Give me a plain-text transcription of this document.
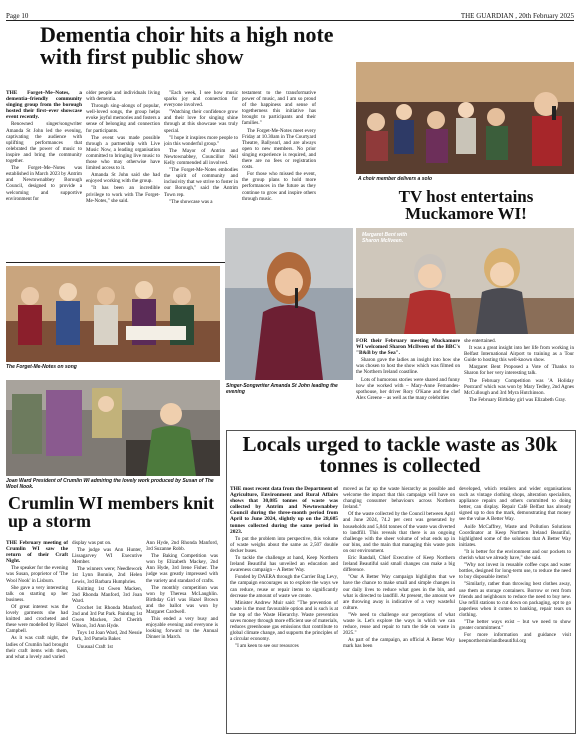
Page 10	THE GUARDIAN , 20th February 2025
Dementia choir hits a high note with first public show

THE Forget–Me–Notes, a dementia–friendly community singing group from the borough hosted their first–ever showcase event recently.

Renowned singer/songwriter Amanda St John led the evening, captivating the audience with uplifting performances that celebrated the power of music to inspire and bring the community together.

The Forget–Me–Notes was established in March 2023 by Antrim and Newtownabbey Borough Council, designed to provide a welcoming and supportive environment for

older people and individuals living with dementia.

Through sing–alongs of popular, well-loved songs, the group helps evoke joyful memories and fosters a sense of belonging and connection for participants.

The event was made possible through a partnership with Live Music Now, a leading organisation committed to bringing live music to those who may otherwise have limited access to it.

Amanda St John said she had enjoyed working with the group.

"It has been an incredible privilege to work with The Forget-Me-Notes," she said.

"Each week, I see how music sparks joy and connection for everyone involved.

"Watching their confidence grow and their love for singing shine through at this showcase was truly special.

"I hope it inspires more people to join this wonderful group."

The Mayor of Antrim and Newtownabbey, Councillor Neil Kelly commended all involved.

"The Forget-Me-Notes embodies the spirit of community and inclusivity that we strive to foster in our Borough," said the Antrim Town rep.

"The showcase was a

testament to the transformative power of music, and I am so proud of the happiness and sense of togetherness this initiative has brought to participants and their families."

The Forget-Me-Notes meet every Friday at 10.30am in The Courtyard Theatre, Ballyearl, and are always open to new members. No prior singing experience is required, and there are no fees or registration costs.

For those who missed the event, the group plans to hold more performances in the future as they continue to grow and inspire others through music.

A choir member delivers a solo
The Forget-Me-Notes on song
Singer-Songwriter Amanda St John leading the evening
TV host entertains Muckamore WI!
Margaret Bent with Sharon McIlveen.

FOR their February meeting Muckamore WI welcomed Sharon McIlveen of the BBC's "B&B by the Sea".

Sharon gave the ladies an insight into how she was chosen to host the show which was filmed on the Northern Ireland coastline.

Lots of humorous stories were shared and funny how she worked with – Mary-Anne Fernandes-spothouse, her driver Rory O'Kane and the chef Alex Greene – as well as the many celebrities

she entertained.

It was a great insight into her life from working in Belfast International Airport to training as a Tour Guide to hosting this well-known show.

Margaret Bent Proposed a Vote of Thanks to Sharon for her very interesting talk.

The February Competition was 'A Holiday Postcard' which was won by Mary Tedley, 2nd Agnes McCullough and 3rd Myra Hutchinson.

The February Birthday girl was Elizabeth Gray.

Joan Ward President of Crumlin WI admiring the lovely work produced by Susan of The Wool Nook.
Crumlin WI members knit up a storm

THE February meeting of Crumlin WI saw the return of their Craft Night.

The speaker for the evening was Susan, proprietor of 'The Wool Nook' in Lisburn.

She gave a very interesting talk on starting up her business.

Of great interest was the lovely garments she had knitted and crocheted and these were modelled by Hazel Campbell.

As it was craft night, the ladies of Crumlin had brought their craft items with them, and what a lovely and varied

display was put on.

The judge was Ann Hunter, Lissagarvey WI Executive Member.

The winners were; Needlework 1st Lynn Bonnie, 2nd Helen Lewis, 3rd Barbara Humphries.

Knitting 1st Gwen Macken, 2nd Rhonda Manford, 3rd Joan Ward.

Crochet 1st Rhonda Manford, 2nd and 3rd Pat Park. Painting 1st Gwen Macken, 2nd Cherith Wilson, 3rd Ann Hyde.

Toys 1st Joan Ward, 2nd Nessie Park, 3rd Pamela Baker.

Unusual Craft 1st

Ann Hyde, 2nd Rhonda Manford, 3rd Suzanne Robb.

The Baking Competition was won by Elizabeth Mackey, 2nd Ann Hyde, 3rd Irene Fisher. The judge was greatly impressed with the variety and standard of crafts.

The monthly competition was won by Theresa McLaughlin. Birthday Girl was Hazel Brown and the ballot was won by Margaret Cardwell.

This ended a very busy and enjoyable evening and everyone is looking forward to the Annual Dinner in March.

Locals urged to tackle waste as 30k tonnes is collected

THE most recent data from the Department of Agriculture, Environment and Rural Affairs shows that 30,085 tonnes of waste was collected by Antrim and Newtownabbey Council during the three-month period from April to June 2024, slightly up on the 28,685 tonnes collected during the same period in 2023.

To put the problem into perspective, this volume of waste weighs about the same as 2,507 double decker buses.

To tackle the challenge at hand, Keep Northern Ireland Beautiful has unveiled an education and awareness campaign – A Better Way.

Funded by DAERA through the Carrier Bag Levy, the campaign encourages us to explore the ways we can reduce, reuse or repair items to significantly decrease the amount of waste we create.

Minister Andrew Muir said: "The prevention of waste is the most favourable option and is such is at the top of the Waste Hierarchy. Waste prevention saves money through more efficient use of materials, reduces greenhouse gas emissions that contribute to global climate change, and supports the principles of a circular economy.

"I am keen to see our resources

moved as far up the waste hierarchy as possible and welcome the impact that this campaign will have on changing consumer behaviours across Northern Ireland."

Of the waste collected by the Council between April and June 2024, 74.2 per cent was generated by households and 5,844 tonnes of the waste was diverted to landfill. This reveals that there is an ongoing challenge with the sheer volume of what ends up in our bins, and the main that managing this waste puts on our environment.

Eric Randall, Chief Executive of Keep Northern Ireland Beautiful said small changes can make a big difference.

"Our A Better Way campaign highlights that we have the chance to make small and simple changes in our daily lives to reduce what goes in the bin, and what is directed to landfill. At present, the amount we are throwing away is indicative of a very wasteful culture.

"We need to challenge our perceptions of what waste is. Let's explore the ways in which we can reduce, reuse and repair to turn the tide on waste in 2025."

As part of the campaign, an official A Better Way mark has been

developed, which retailers and wider organisations such as vintage clothing shops, alteration specialists, appliance repairs and others committed to doing better, can display. Repair Café Belfast has already signed up to don the mark, demonstrating that money see the value A Better Way.

Aoife McCaffrey, Waste and Pollution Solutions Coordinator at Keep Northern Ireland Beautiful, highlighted some of the solutions that A Better Way initiates.

"It is better for the environment and our pockets to cherish what we already have," she said.

"Why not invest in reusable coffee cups and water bottles, designed for long-term use, to reduce the need to buy disposable items?

"Similarly, rather than throwing best clothes away, use them as storage containers. Borrow or rent from friends and neighbours to reduce the need to buy new. Use refill stations to cut down on packaging, opt to go paperless when it comes to banking, repair tears on clothing.

"The better ways exist – but we need to show greater commitment."

For more information and guidance visit keepnorthernirelandbeautiful.org
